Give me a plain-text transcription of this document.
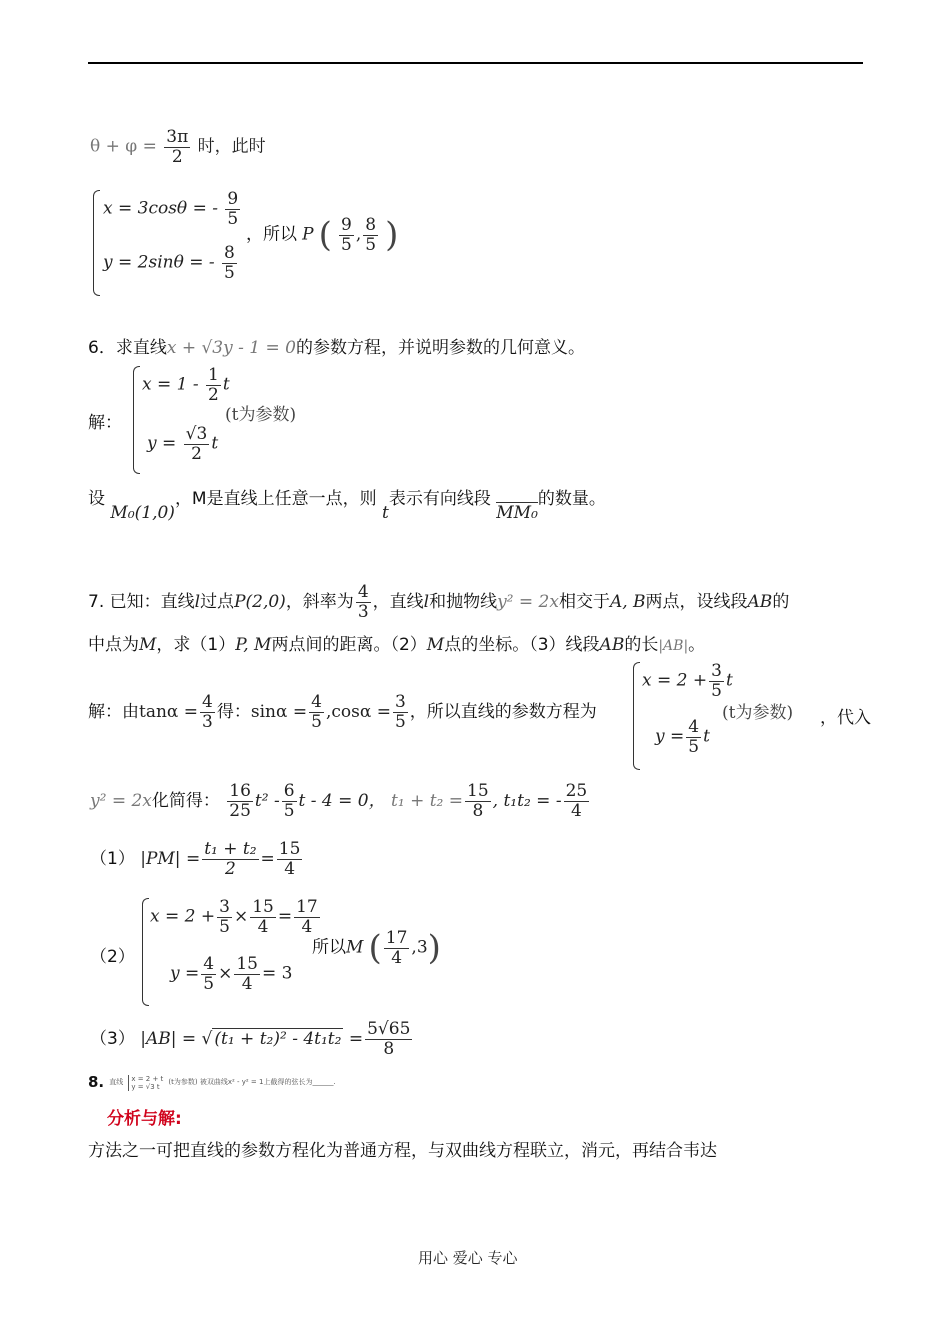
$\theta + \varphi = \frac{3\pi}{2}$ 时，此时
x = 3cosθ = - $\frac{9}{5}$
y = 2sinθ = - $\frac{8}{5}$
，所以 P ( $\frac{9}{5}$ , $\frac{8}{5}$ )
6．求直线x + √3y - 1 = 0的参数方程，并说明参数的几何意义。
解：
$x = 1 - \frac{1}{2}$ t
(t为参数)
$y = \frac{√3}{2}$ t
设 M₀(1,0)，M是直线上任意一点，则 t表示有向线段 MM₀的数量。
7. 已知：直线l过点P(2,0)，斜率为 $\frac{4}{3}$ ，直线l和抛物线y² = 2x相交于A, B两点，设线段AB的
中点为M，求（1）P, M两点间的距离。（2）M点的坐标。（3）线段AB的长|AB|。
解：由$\tan\alpha = \frac{4}{3}$ 得：$\sin\alpha = \frac{4}{5} ,\cos\alpha = \frac{3}{5}$ ，所以直线的参数方程为
$x = 2 + \frac{3}{5}$ t
(t为参数) ，代入
$y = \frac{4}{5}$ t
y² = 2x化简得： $\frac{16}{25} t^2 - \frac{6}{5}$ t - 4 = 0， $t_1 + t_2 = \frac{15}{8}$ , t₁t₂ = - $\frac{25}{4}$
（1） $|PM| = \frac{\text{t₁ + t₂}}{2} = \frac{15}{4}$
（2）
$x = 2 + \frac{3}{5} \times \frac{15}{4} = \frac{17}{4}$
$y = \frac{4}{5} \times \frac{15}{4} = 3$
所以M ( $\frac{17}{4} ,3$)
（3） |AB| = √ $(t_1 + t_2)^2 - 4t_1t_2 = \frac{5√65}{8}$
8. 直线 x = 2 + t
y = √3 t
(t为参数) 被双曲线x² - y² = 1上截得的弦长为______.
分析与解:
方法之一可把直线的参数方程化为普通方程，与双曲线方程联立，消元，再结合韦达
用心 爱心 专心
